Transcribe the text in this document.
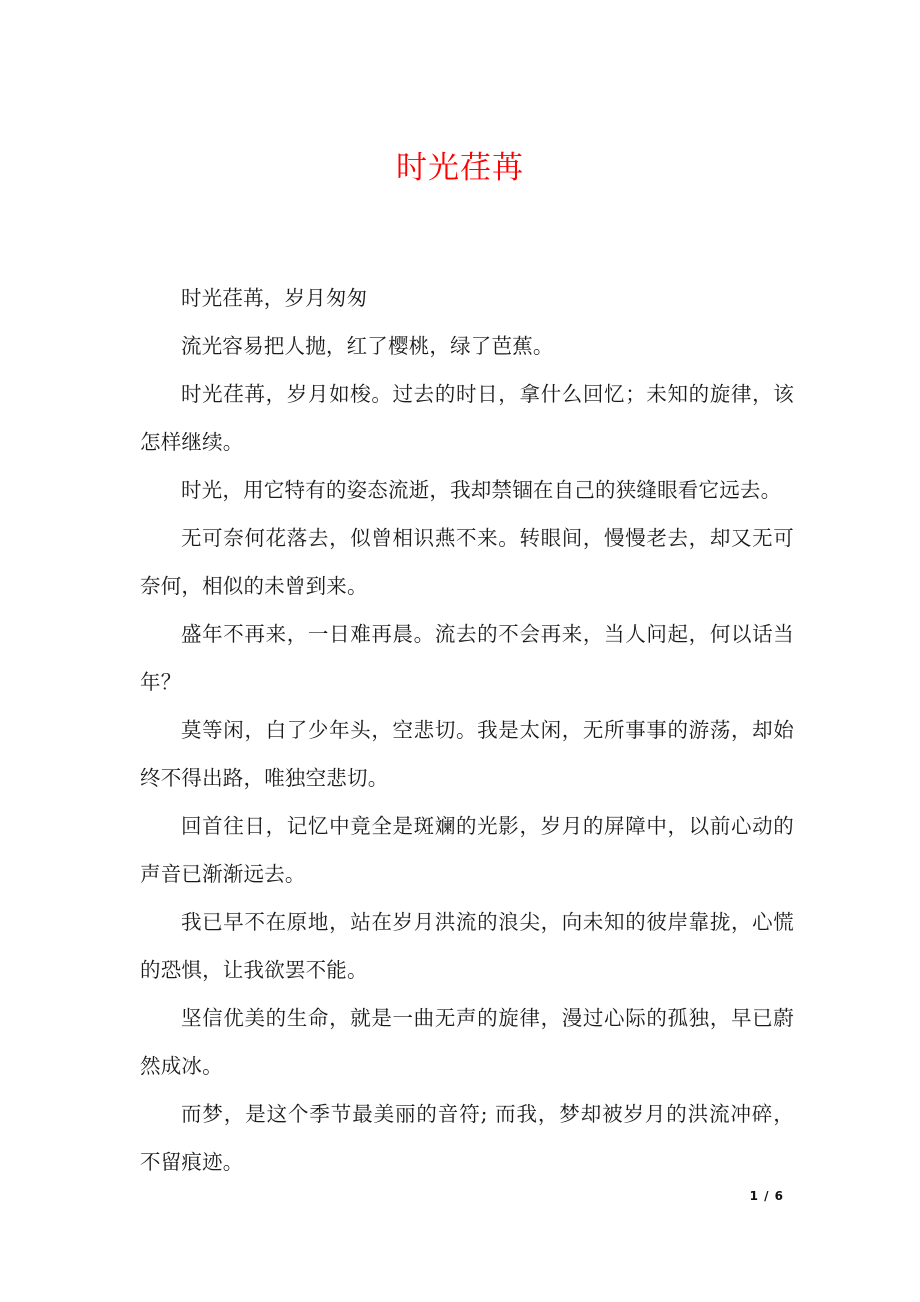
时光荏苒

时光荏苒，岁月匆匆

流光容易把人抛，红了樱桃，绿了芭蕉。

时光荏苒，岁月如梭。过去的时日，拿什么回忆；未知的旋律，该怎样继续。

时光，用它特有的姿态流逝，我却禁锢在自己的狭缝眼看它远去。

无可奈何花落去，似曾相识燕不来。转眼间，慢慢老去，却又无可奈何，相似的未曾到来。

盛年不再来，一日难再晨。流去的不会再来，当人问起，何以话当年？

莫等闲，白了少年头，空悲切。我是太闲，无所事事的游荡，却始终不得出路，唯独空悲切。

回首往日，记忆中竟全是斑斓的光影，岁月的屏障中，以前心动的声音已渐渐远去。

我已早不在原地，站在岁月洪流的浪尖，向未知的彼岸靠拢，心慌的恐惧，让我欲罢不能。

坚信优美的生命，就是一曲无声的旋律，漫过心际的孤独，早已蔚然成冰。

而梦，是这个季节最美丽的音符; 而我，梦却被岁月的洪流冲碎，不留痕迹。

1 / 6
